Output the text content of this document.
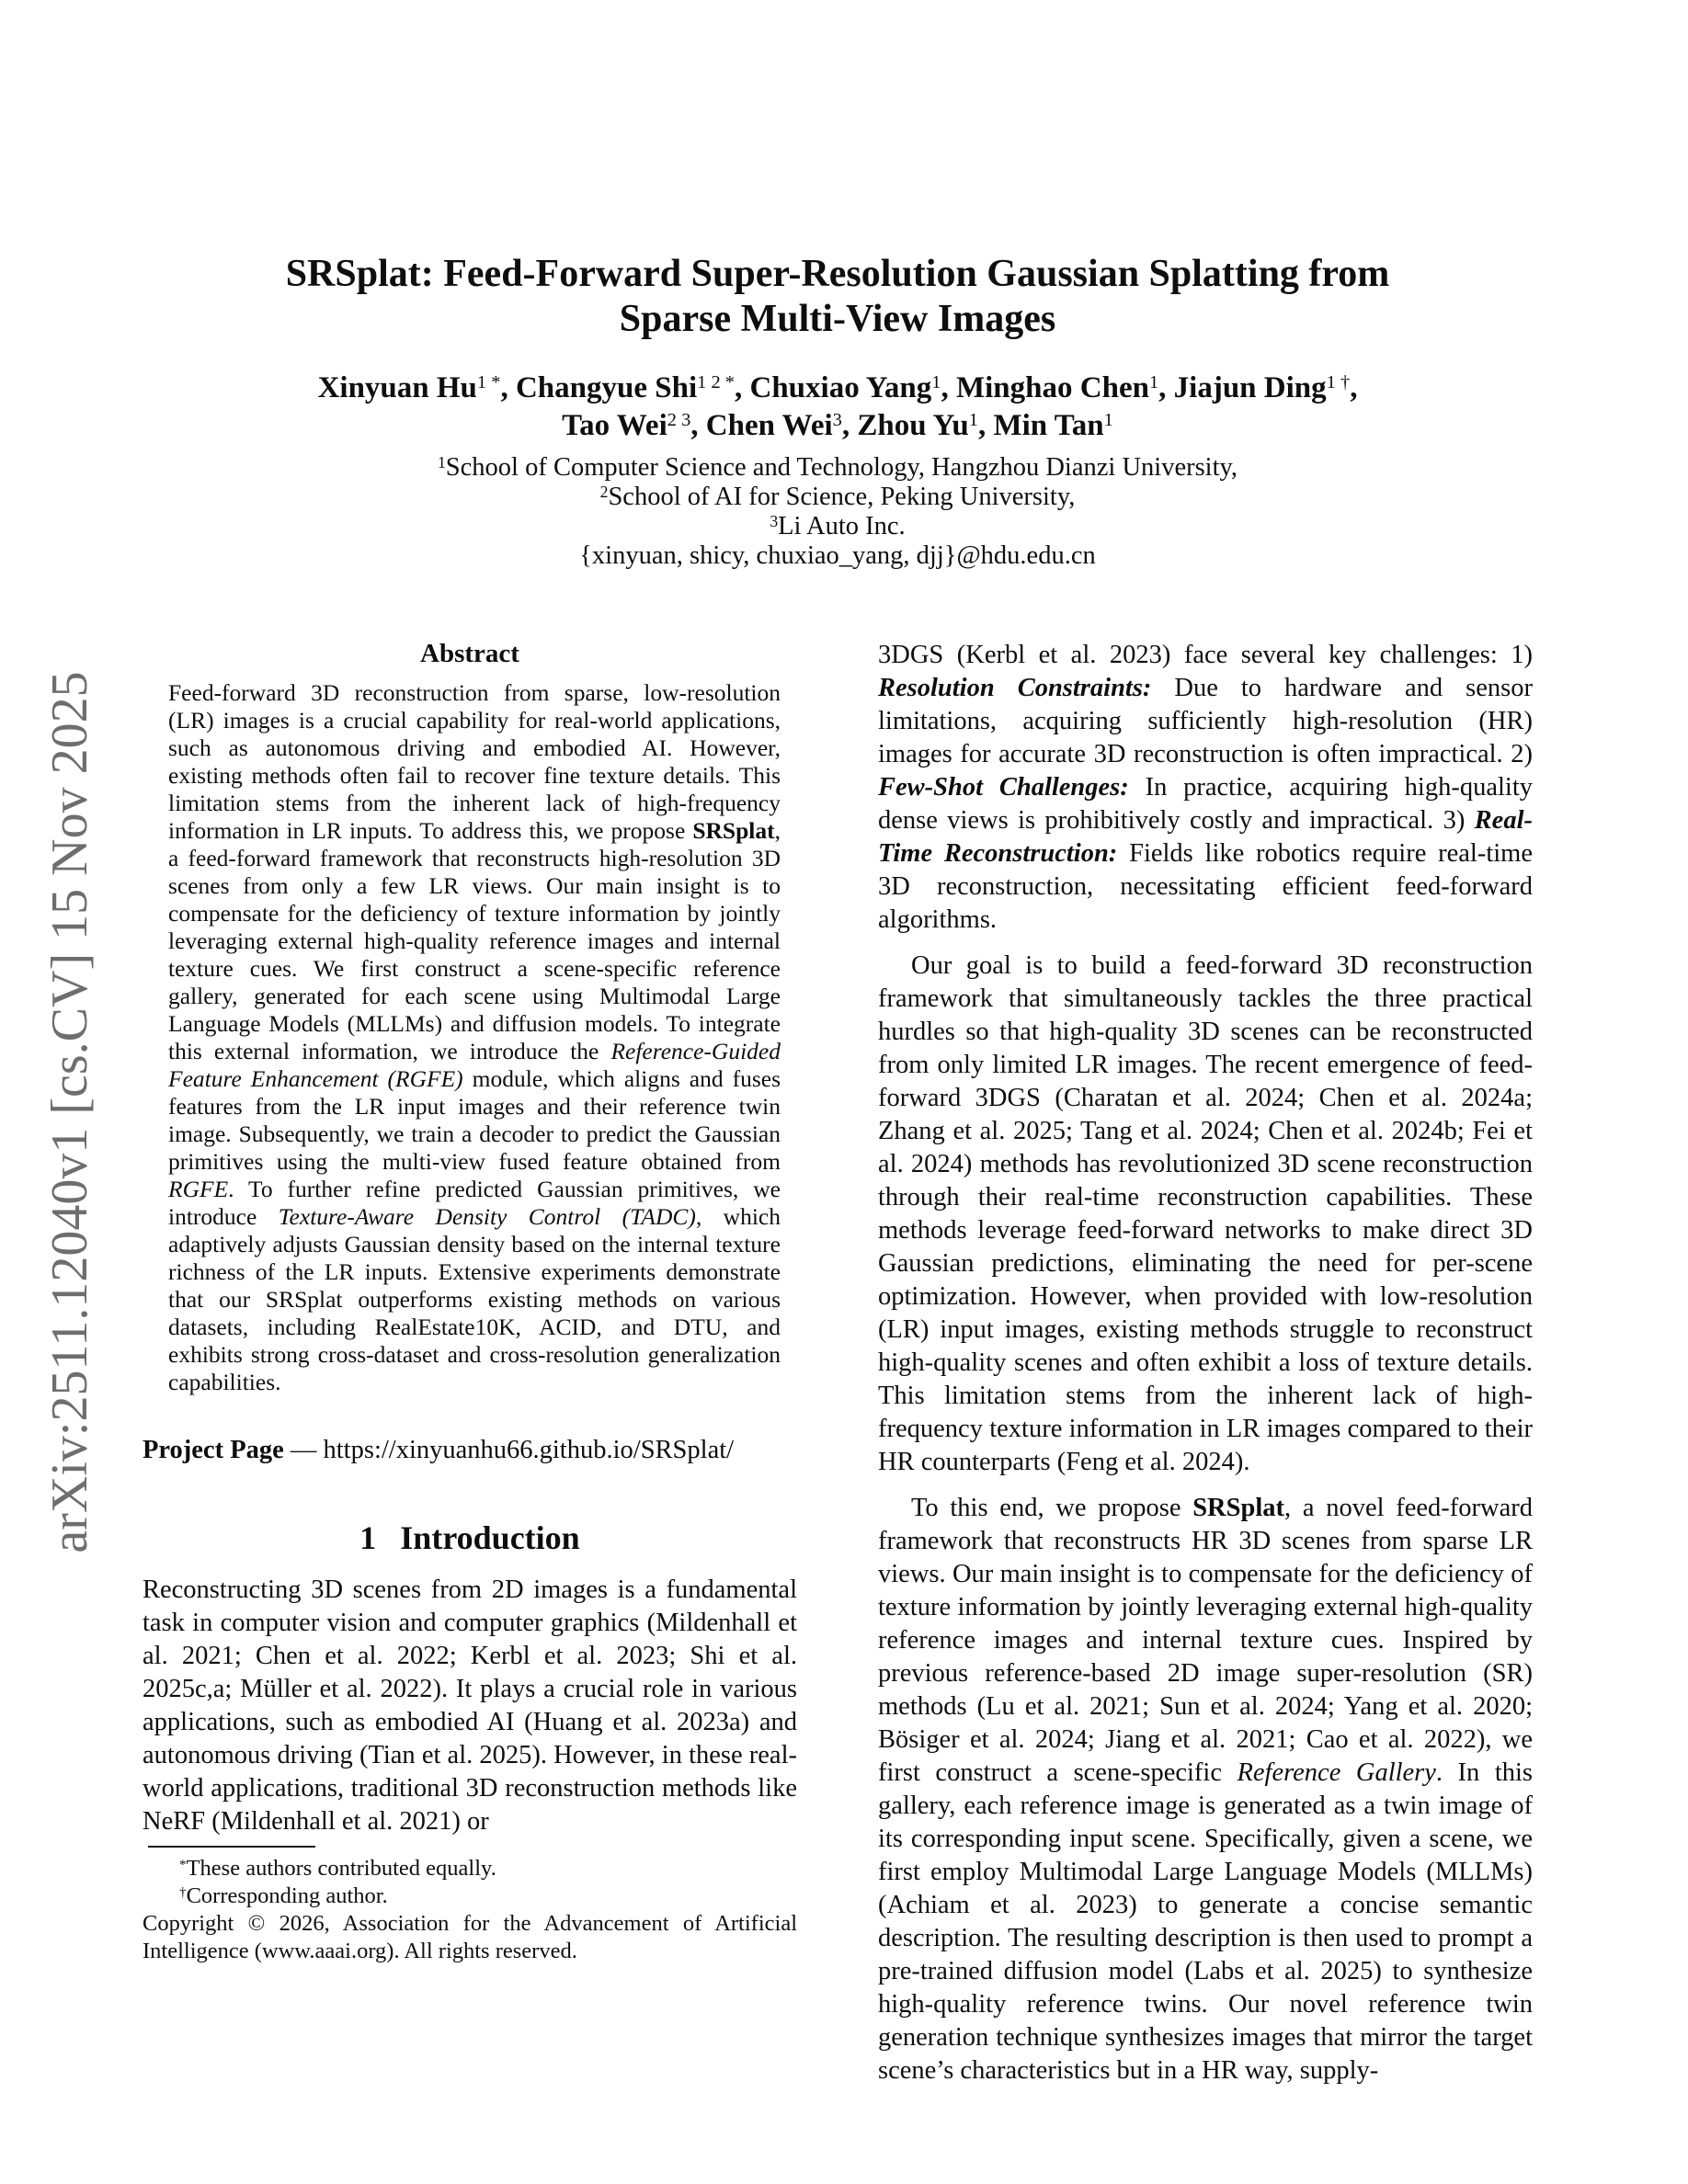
arXiv:2511.12040v1 [cs.CV] 15 Nov 2025
SRSplat: Feed-Forward Super-Resolution Gaussian Splatting from
Sparse Multi-View Images
Xinyuan $Hu^{1 *}$, Changyue Shi$^{1 2 *}$, Chuxiao Yang$^1$, Minghao Chen$^1$, Jiajun Ding$^{1 \dagger}$,
Tao Wei$^{2 3}$, Chen Wei$^3$, Zhou Yu$^1$, Min Tan$^1$
$^1$School of Computer Science and Technology, Hangzhou Dianzi University,
$^2$School of AI for Science, Peking University,
$^3$Li Auto Inc.
{xinyuan, shicy, chuxiao_yang, djj}@hdu.edu.cn
Abstract
Feed-forward 3D reconstruction from sparse, low-resolution (LR) images is a crucial capability for real-world applications, such as autonomous driving and embodied AI. However, existing methods often fail to recover fine texture details. This limitation stems from the inherent lack of high-frequency information in LR inputs. To address this, we propose SRSplat, a feed-forward framework that reconstructs high-resolution 3D scenes from only a few LR views. Our main insight is to compensate for the deficiency of texture information by jointly leveraging external high-quality reference images and internal texture cues. We first construct a scene-specific reference gallery, generated for each scene using Multimodal Large Language Models (MLLMs) and diffusion models. To integrate this external information, we introduce the Reference-Guided Feature Enhancement (RGFE) module, which aligns and fuses features from the LR input images and their reference twin image. Subsequently, we train a decoder to predict the Gaussian primitives using the multi-view fused feature obtained from RGFE. To further refine predicted Gaussian primitives, we introduce Texture-Aware Density Control (TADC), which adaptively adjusts Gaussian density based on the internal texture richness of the LR inputs. Extensive experiments demonstrate that our SRSplat outperforms existing methods on various datasets, including RealEstate10K, ACID, and DTU, and exhibits strong cross-dataset and cross-resolution generalization capabilities.
Project Page — https://xinyuanhu66.github.io/SRSplat/
1 Introduction

Reconstructing 3D scenes from 2D images is a fundamental task in computer vision and computer graphics (Mildenhall et al. 2021; Chen et al. 2022; Kerbl et al. 2023; Shi et al. 2025c,a; Müller et al. 2022). It plays a crucial role in various applications, such as embodied AI (Huang et al. 2023a) and autonomous driving (Tian et al. 2025). However, in these real-world applications, traditional 3D reconstruction methods like NeRF (Mildenhall et al. 2021) or

*These authors contributed equally.
†Corresponding author.
Copyright © 2026, Association for the Advancement of Artificial Intelligence (www.aaai.org). All rights reserved.

3DGS (Kerbl et al. 2023) face several key challenges: 1) Resolution Constraints: Due to hardware and sensor limitations, acquiring sufficiently high-resolution (HR) images for accurate 3D reconstruction is often impractical. 2) Few-Shot Challenges: In practice, acquiring high-quality dense views is prohibitively costly and impractical. 3) Real-Time Reconstruction: Fields like robotics require real-time 3D reconstruction, necessitating efficient feed-forward algorithms.

Our goal is to build a feed-forward 3D reconstruction framework that simultaneously tackles the three practical hurdles so that high-quality 3D scenes can be reconstructed from only limited LR images. The recent emergence of feed-forward 3DGS (Charatan et al. 2024; Chen et al. 2024a; Zhang et al. 2025; Tang et al. 2024; Chen et al. 2024b; Fei et al. 2024) methods has revolutionized 3D scene reconstruction through their real-time reconstruction capabilities. These methods leverage feed-forward networks to make direct 3D Gaussian predictions, eliminating the need for per-scene optimization. However, when provided with low-resolution (LR) input images, existing methods struggle to reconstruct high-quality scenes and often exhibit a loss of texture details. This limitation stems from the inherent lack of high-frequency texture information in LR images compared to their HR counterparts (Feng et al. 2024).

To this end, we propose SRSplat, a novel feed-forward framework that reconstructs HR 3D scenes from sparse LR views. Our main insight is to compensate for the deficiency of texture information by jointly leveraging external high-quality reference images and internal texture cues. Inspired by previous reference-based 2D image super-resolution (SR) methods (Lu et al. 2021; Sun et al. 2024; Yang et al. 2020; Bösiger et al. 2024; Jiang et al. 2021; Cao et al. 2022), we first construct a scene-specific Reference Gallery. In this gallery, each reference image is generated as a twin image of its corresponding input scene. Specifically, given a scene, we first employ Multimodal Large Language Models (MLLMs) (Achiam et al. 2023) to generate a concise semantic description. The resulting description is then used to prompt a pre-trained diffusion model (Labs et al. 2025) to synthesize high-quality reference twins. Our novel reference twin generation technique synthesizes images that mirror the target scene’s characteristics but in a HR way, supply-
